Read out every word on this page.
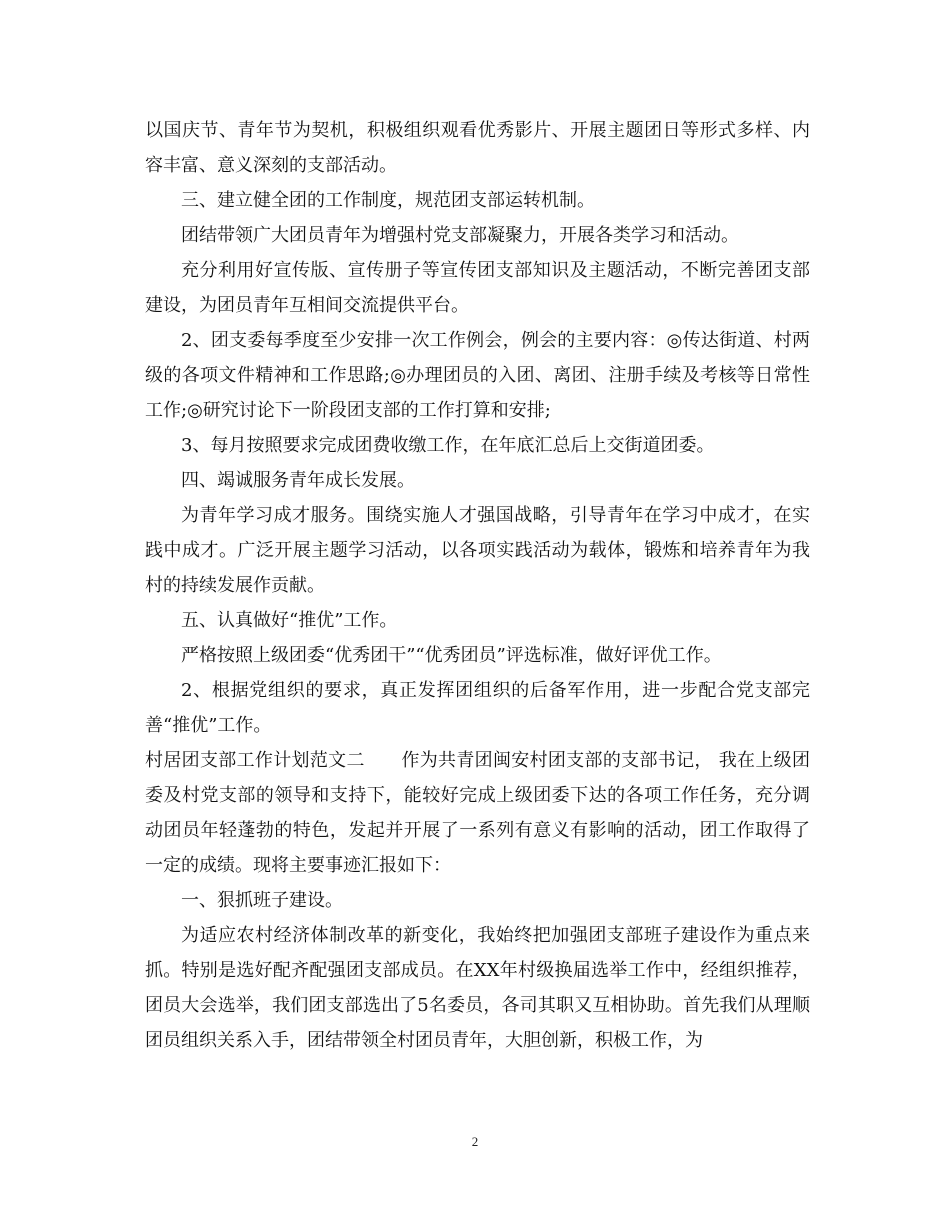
以国庆节、青年节为契机，积极组织观看优秀影片、开展主题团日等形式多样、内容丰富、意义深刻的支部活动。

三、建立健全团的工作制度，规范团支部运转机制。

团结带领广大团员青年为增强村党支部凝聚力，开展各类学习和活动。

充分利用好宣传版、宣传册子等宣传团支部知识及主题活动，不断完善团支部建设，为团员青年互相间交流提供平台。

2、团支委每季度至少安排一次工作例会，例会的主要内容：◎传达街道、村两级的各项文件精神和工作思路;◎办理团员的入团、离团、注册手续及考核等日常性工作;◎研究讨论下一阶段团支部的工作打算和安排;

3、每月按照要求完成团费收缴工作，在年底汇总后上交街道团委。

四、竭诚服务青年成长发展。

为青年学习成才服务。围绕实施人才强国战略，引导青年在学习中成才，在实践中成才。广泛开展主题学习活动，以各项实践活动为载体，锻炼和培养青年为我村的持续发展作贡献。

五、认真做好“推优”工作。

严格按照上级团委“优秀团干”“优秀团员”评选标准，做好评优工作。

2、根据党组织的要求，真正发挥团组织的后备军作用，进一步配合党支部完善“推优”工作。

村居团支部工作计划范文二　　作为共青团闽安村团支部的支部书记， 我在上级团委及村党支部的领导和支持下，能较好完成上级团委下达的各项工作任务，充分调动团员年轻蓬勃的特色，发起并开展了一系列有意义有影响的活动，团工作取得了一定的成绩。现将主要事迹汇报如下：

一、狠抓班子建设。

为适应农村经济体制改革的新变化，我始终把加强团支部班子建设作为重点来抓。特别是选好配齐配强团支部成员。在XX年村级换届选举工作中，经组织推荐，团员大会选举，我们团支部选出了5名委员，各司其职又互相协助。首先我们从理顺团员组织关系入手，团结带领全村团员青年，大胆创新，积极工作，为

2
